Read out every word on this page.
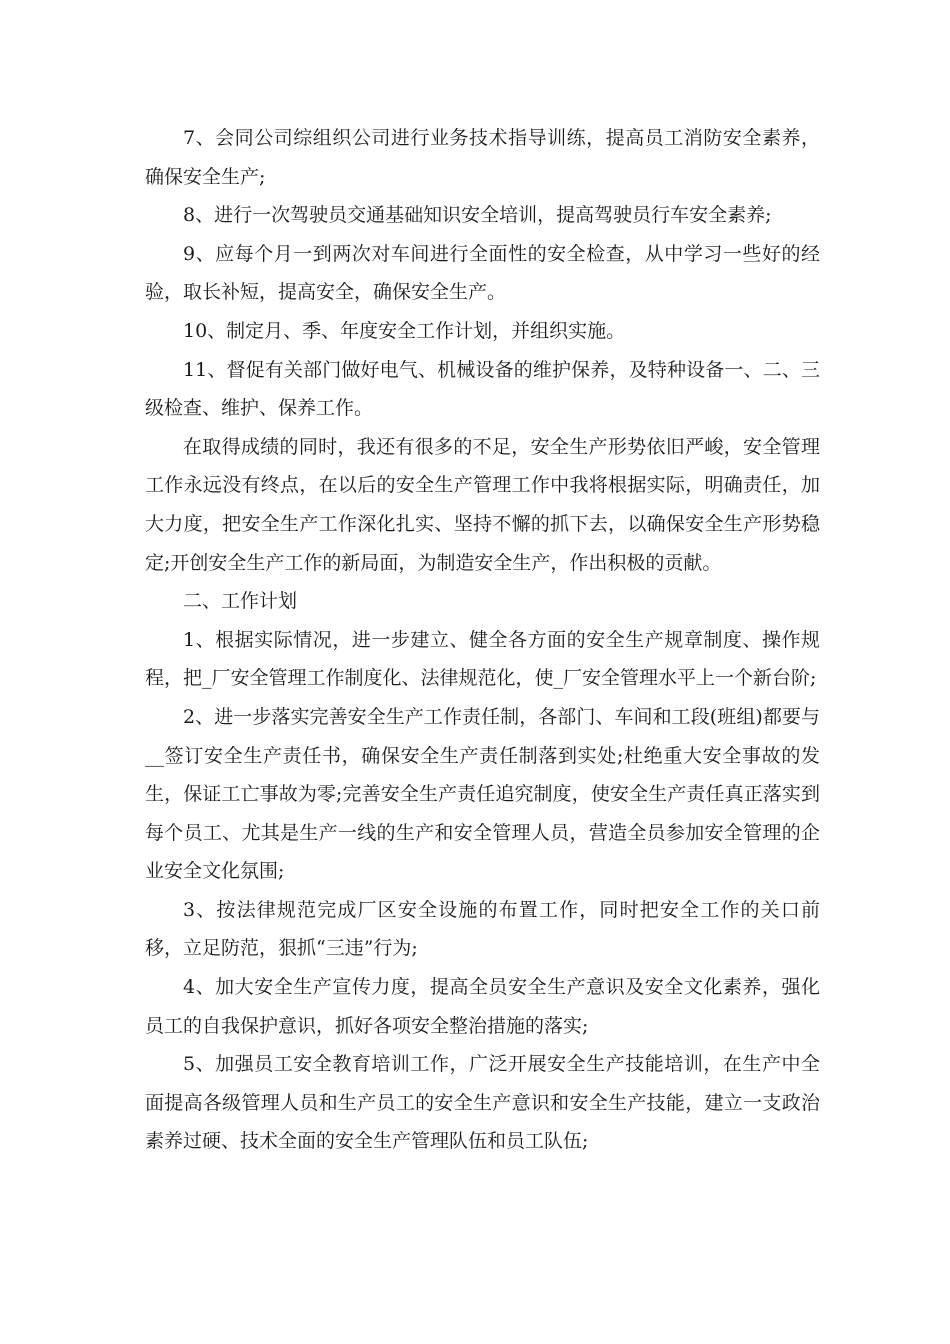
7、会同公司综组织公司进行业务技术指导训练，提高员工消防安全素养，确保安全生产;

8、进行一次驾驶员交通基础知识安全培训，提高驾驶员行车安全素养;

9、应每个月一到两次对车间进行全面性的安全检查，从中学习一些好的经验，取长补短，提高安全，确保安全生产。

10、制定月、季、年度安全工作计划，并组织实施。

11、督促有关部门做好电气、机械设备的维护保养，及特种设备一、二、三级检查、维护、保养工作。

在取得成绩的同时，我还有很多的不足，安全生产形势依旧严峻，安全管理工作永远没有终点，在以后的安全生产管理工作中我将根据实际，明确责任，加大力度，把安全生产工作深化扎实、坚持不懈的抓下去，以确保安全生产形势稳定;开创安全生产工作的新局面，为制造安全生产，作出积极的贡献。

二、工作计划

1、根据实际情况，进一步建立、健全各方面的安全生产规章制度、操作规程，把_厂安全管理工作制度化、法律规范化，使_厂安全管理水平上一个新台阶;

2、进一步落实完善安全生产工作责任制，各部门、车间和工段(班组)都要与__签订安全生产责任书，确保安全生产责任制落到实处;杜绝重大安全事故的发生，保证工亡事故为零;完善安全生产责任追究制度，使安全生产责任真正落实到每个员工、尤其是生产一线的生产和安全管理人员，营造全员参加安全管理的企业安全文化氛围;

3、按法律规范完成厂区安全设施的布置工作，同时把安全工作的关口前移，立足防范，狠抓“三违”行为;

4、加大安全生产宣传力度，提高全员安全生产意识及安全文化素养，强化员工的自我保护意识，抓好各项安全整治措施的落实;

5、加强员工安全教育培训工作，广泛开展安全生产技能培训，在生产中全面提高各级管理人员和生产员工的安全生产意识和安全生产技能，建立一支政治素养过硬、技术全面的安全生产管理队伍和员工队伍;
